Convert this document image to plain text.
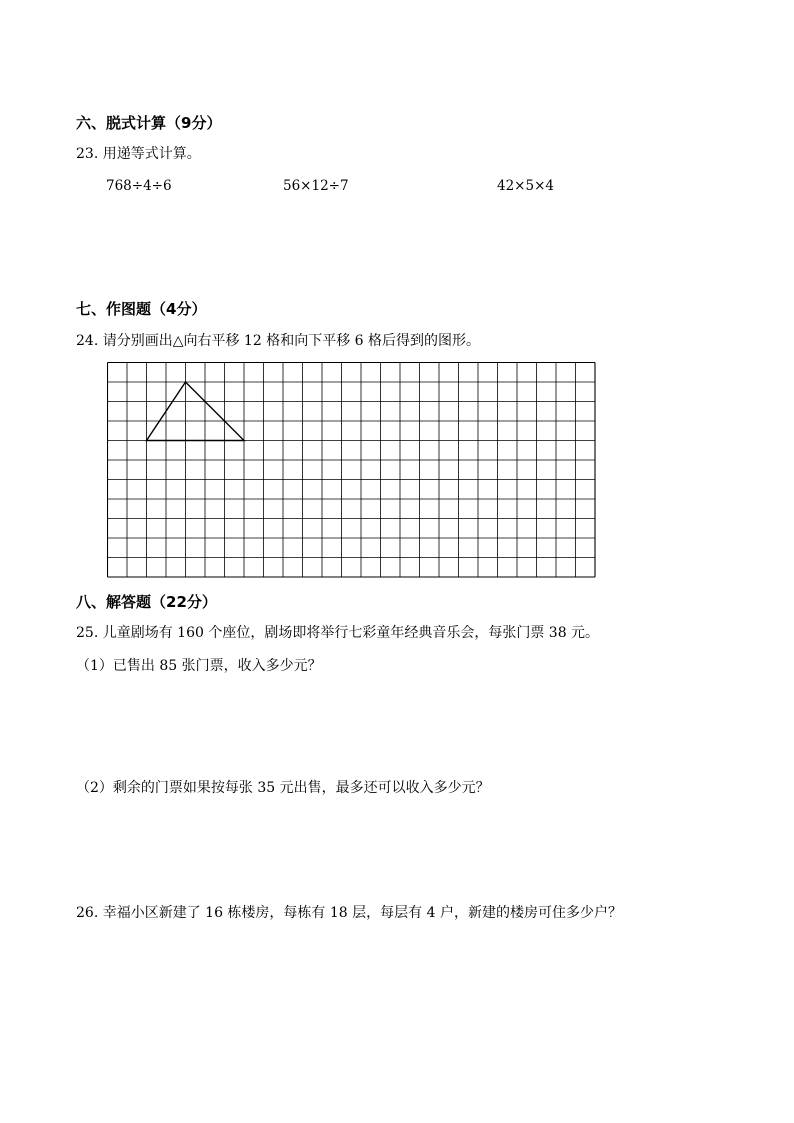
六、脱式计算（9分）
23. 用递等式计算。
768÷4÷6	56×12÷7	42×5×4
七、作图题（4分）
24. 请分别画出△向右平移 12 格和向下平移 6 格后得到的图形。
八、解答题（22分）
25. 儿童剧场有 160 个座位，剧场即将举行七彩童年经典音乐会，每张门票 38 元。
（1）已售出 85 张门票，收入多少元？
（2）剩余的门票如果按每张 35 元出售，最多还可以收入多少元？
26. 幸福小区新建了 16 栋楼房，每栋有 18 层，每层有 4 户，新建的楼房可住多少户？
